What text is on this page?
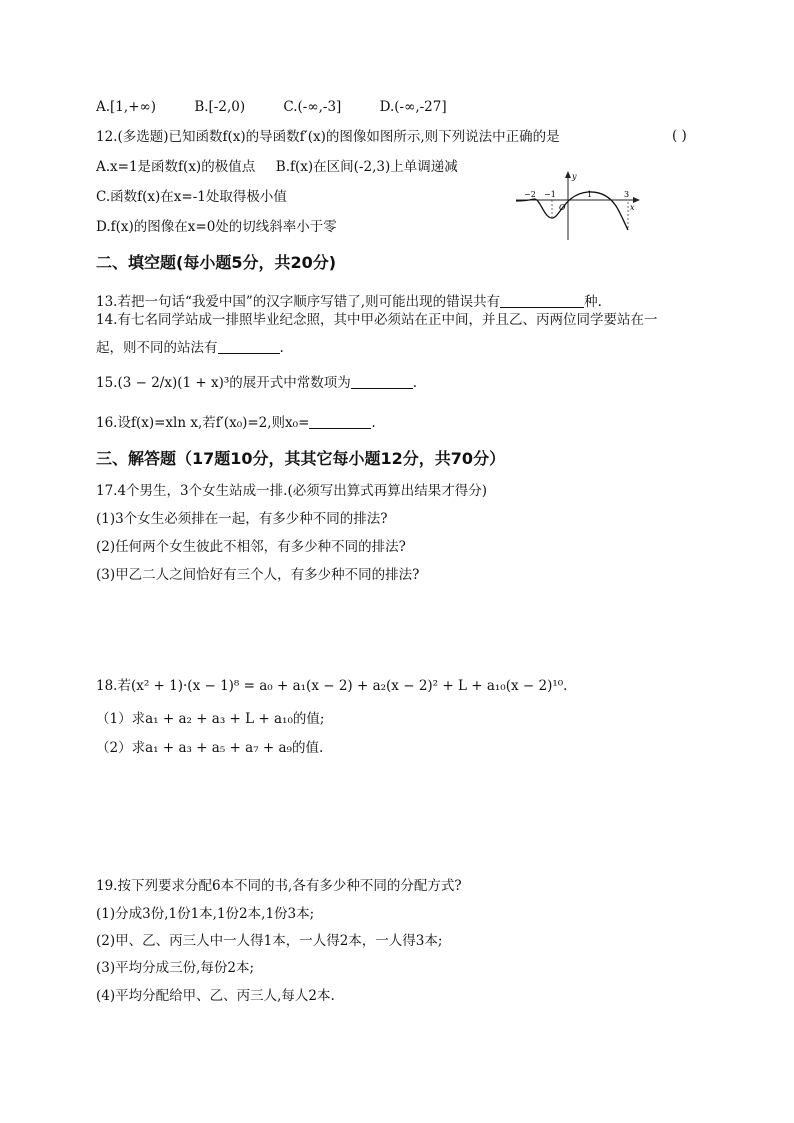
A.[1,+∞)	B.[-2,0)	C.(-∞,-3]	D.(-∞,-27]
12.(多选题)已知函数f(x)的导函数f′(x)的图像如图所示,则下列说法中正确的是	( )
A.x=1是函数f(x)的极值点 B.f(x)在区间(-2,3)上单调递减
C.函数f(x)在x=-1处取得极小值
D.f(x)的图像在x=0处的切线斜率小于零
−2 −1
O
1	3
x
y
二、填空题(每小题5分，共20分)
13.若把一句话“我爱中国”的汉字顺序写错了,则可能出现的错误共有	种.
14.有七名同学站成一排照毕业纪念照，其中甲必须站在正中间，并且乙、丙两位同学要站在一
起，则不同的站法有	.
15.(3 − 2/x)(1 + x)³的展开式中常数项为	.
16.设f(x)=xln x,若f′(x₀)=2,则x₀=	.
三、解答题（17题10分，其其它每小题12分，共70分）
17.4个男生，3个女生站成一排.(必须写出算式再算出结果才得分)
(1)3个女生必须排在一起，有多少种不同的排法?
(2)任何两个女生彼此不相邻，有多少种不同的排法?
(3)甲乙二人之间恰好有三个人，有多少种不同的排法?
18.若(x² + 1)·(x − 1)⁸ = a₀ + a₁(x − 2) + a₂(x − 2)² + L + a₁₀(x − 2)¹⁰.
（1）求a₁ + a₂ + a₃ + L + a₁₀的值;
（2）求a₁ + a₃ + a₅ + a₇ + a₉的值.
19.按下列要求分配6本不同的书,各有多少种不同的分配方式?
(1)分成3份,1份1本,1份2本,1份3本;
(2)甲、乙、丙三人中一人得1本，一人得2本，一人得3本;
(3)平均分成三份,每份2本;
(4)平均分配给甲、乙、丙三人,每人2本.
